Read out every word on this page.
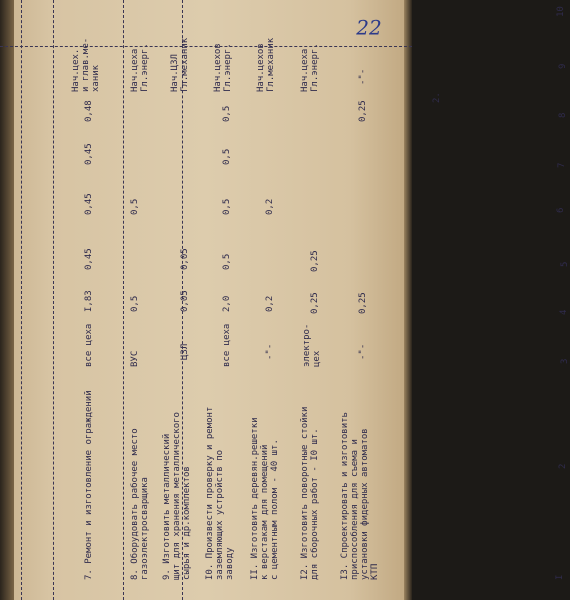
I
2
3
4
5
6
7
8
9
10
2.
7. Ремонт и изготовление ограждений
все цеха
I,83
0,45
0,45
0,45
0,48
Нач.цех.
и глав.ме-
ханик
8. Оборудовать рабочее место
газоэлектросварщика
ВУС
0,5
0,5
Нач.цеха
Гл.энерг.
9. Изготовить металлический
щит для хранения металлического
сырья и др.комплектов
ЦЗЛ
0,05
0,05
Нач.ЦЗЛ
Гл.механик
I0. Произвести проверку и ремонт
заземляющих устройств по
заводу
все цеха
2,0
0,5
0,5
0,5
0,5
Нач.цехов
Гл.энерг.
II. Изготовить деревян.решетки
к верстакам для помещений
с цементным полом - 40 шт.
-"-
0,2
0,2
Нач.цехов
Гл.механик
I2. Изготовить поворотные стойки
для сборочных работ - I0 шт.
электро-
цех
0,25
0,25
Нач.цеха
Гл.энерг.
I3. Спроектировать и изготовить
приспособления для съема и
установки фидерных автоматов
КТП
-"-
0,25
0,25
-"-
22
